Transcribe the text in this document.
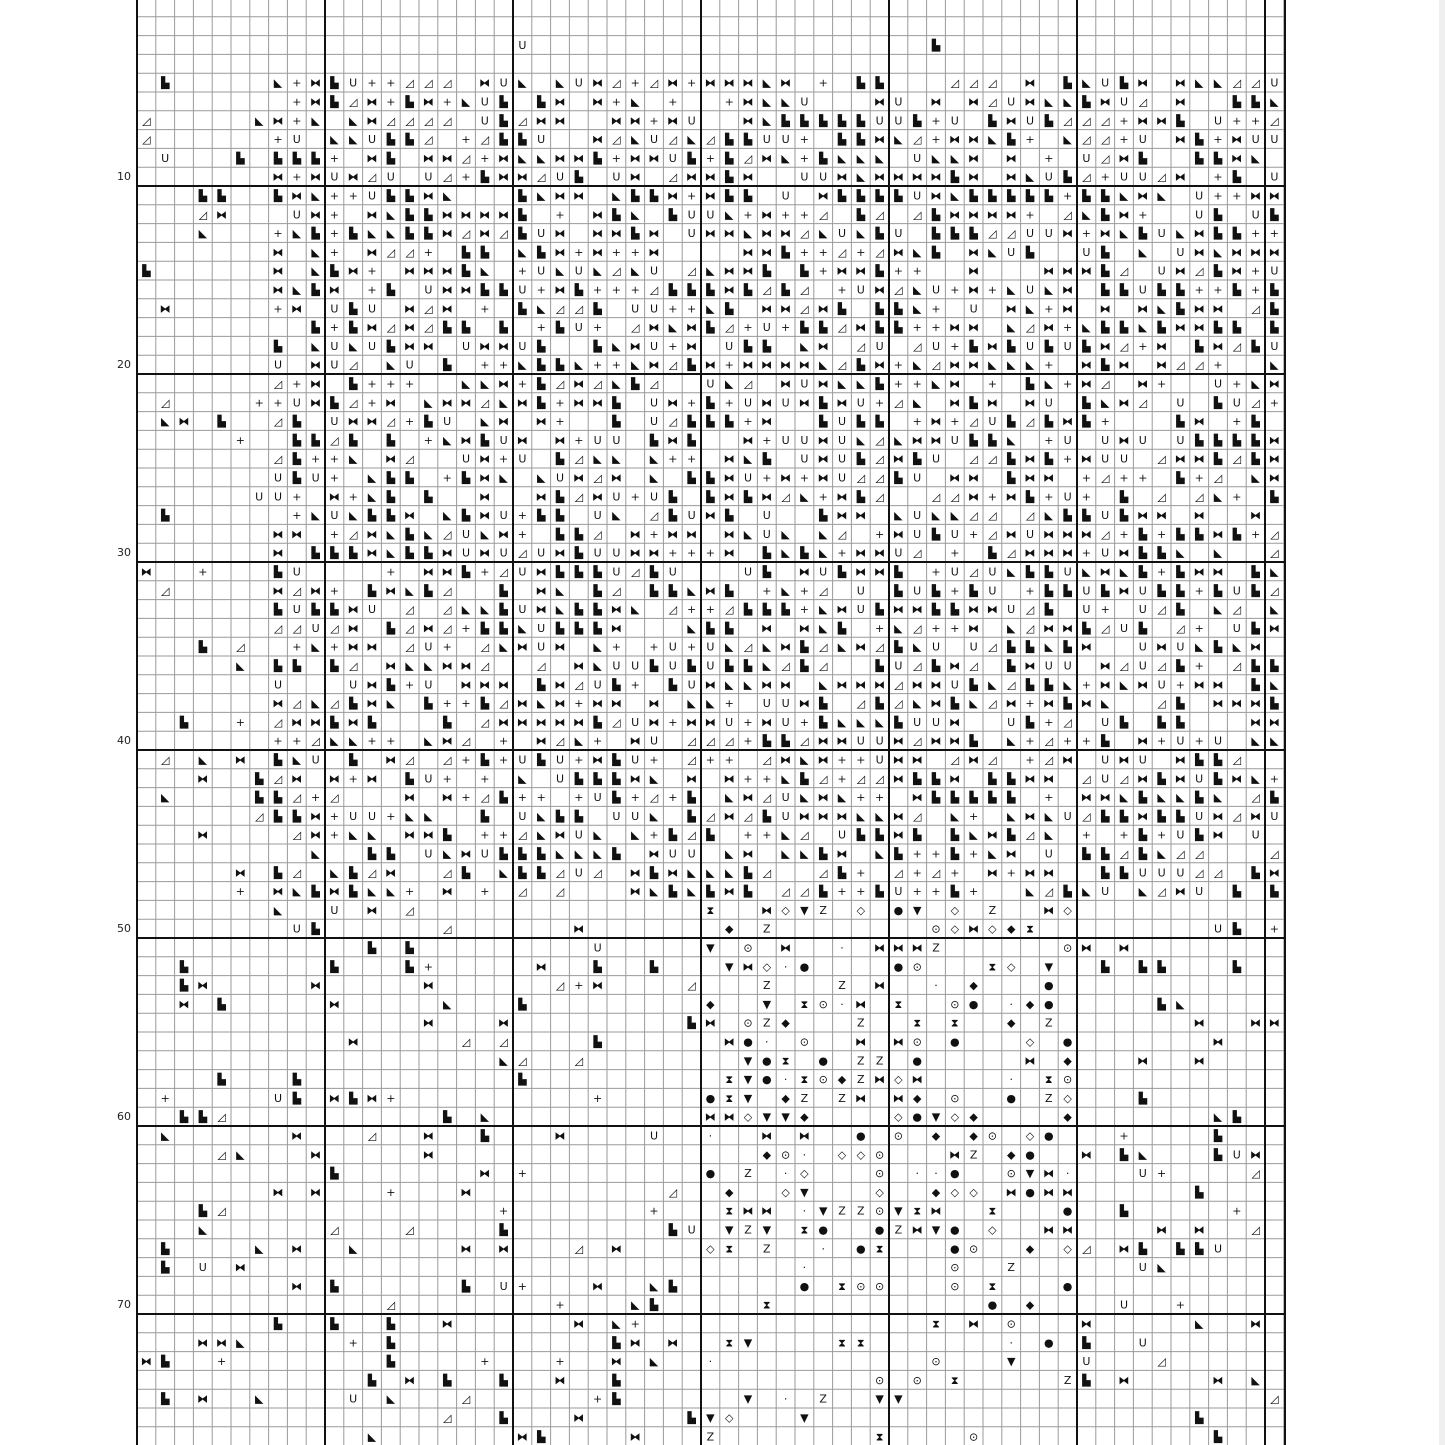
U	▙
▙	◣ + ⧓ ▙ U + + ◿ ◿ ◿	⧓ U ◣	◣ U ⧓ ◿ + ◿ ⧓ + ⧓ ⧓ ⧓ ◣ ⧓ +	▙ ▙	◿ ◿ ◿	⧓	▙ ◣ U ▙ ⧓ ⧓ ◣ ◣ ◿ ◿ U
+ ⧓ ▙ ◿ ⧓ + ▙ ⧓ + ◣ U ▙	▙ ⧓ ⧓ + ◣	+	+ ⧓ ◣ ◣ U	⧓ U	⧓ ⧓ ◿ U ⧓ ◣ ◣ ▙ ⧓ U ◿	⧓	▙ ▙ ◣
◿	◣ ⧓ + ◣	◣ ⧓ ◿ ◿ ◿ ◿	U ▙ ◿ ⧓ ⧓	⧓ ⧓ + ⧓ U	⧓ ◣ ▙ ▙ ▙ ▙ ▙ U U ▙ + U	▙ ⧓ U ▙ ◿ ◿ ◿ + ⧓ ⧓ ▙	U + + ◿
◿	+ U	◣ ◣ U ▙ ▙ ◿	+ ◿ ▙ ▙ U	⧓ ◿ ◣ U ◿ ◣ ◿ ▙ ▙ U U +	▙ ▙ ⧓ ◣ ◿ + ⧓ ⧓ ◣ ▙ +	◣ ◿ ◿ + U	⧓ ▙ + ⧓ U U
U	▙	▙ ▙ ▙ + ⧓ ▙	⧓ ⧓ ◿ + ⧓ ◣ ◣ ⧓ ⧓ ▙ + ⧓ ⧓ U ▙ + ▙ ◿ ⧓ ◣ + ▙ ◣ ◣ ◣	U ◣ ◣ ⧓ ⧓ +	U ◿ ⧓ ▙	▙ ▙ ⧓ ◣
⧓ + ⧓ U ⧓ ◿ U	U ◿ + ▙ ⧓ ⧓ ◿ U ▙	U ⧓	◿ ⧓ ⧓ ▙ ⧓	U U ⧓ ◣ ⧓ ⧓ ⧓ ⧓ ▙ ⧓ ⧓ ◣ U ▙ ◿ + U U ◿ ⧓ + ▙	U
▙ ▙	▙ ⧓ ◣ + + U ▙ ▙ ⧓ ◣	▙ ◣ ⧓ ⧓	◣ ▙ ▙ ⧓ + ⧓ ▙ ▙	U	⧓ ▙ ▙ ▙ ▙ U ⧓ ◣ ▙ ▙ ▙ ▙ ▙ + ▙ ▙ ◣ ⧓ ◣	U + + ⧓ ⧓
◿ ⧓	U ⧓ + ⧓ ◣ ▙ ▙ ⧓ ⧓ ⧓ ⧓ ▙	+ ⧓ ▙ ◣	▙ U U ◣ + ⧓ + + ◿	▙ ◿	◿ ▙ ⧓ ⧓ ⧓ ⧓ +	◿ ◣ ▙ ⧓ +	U ▙	U ▙
◣	+ ◣ ▙ + ▙ ◣ ◣ ▙ ▙ ⧓ ◿ ⧓ ◿ ▙ U ⧓ ⧓ ⧓ ▙ ⧓	U ⧓ ⧓ ◣ ⧓ ⧓ ◿ ◣ U ◣ ▙ U	▙ ▙ ▙ ◿ ◿ U U ⧓ + ⧓ ◣ ▙ U ◣ ⧓ ▙ ▙ + +
⧓	◣ + ⧓ ◿ ◿ +	▙ ▙	◣ ▙ ⧓ + ⧓ + + ⧓	⧓ ⧓ ▙ + + ◿ + ◿ ⧓ ◣ ▙	⧓ ◣ U ▙	U ▙	◣	U ⧓ ◣ ⧓ ⧓ ⧓
▙	⧓	◣ ▙ ⧓ + ⧓ ⧓ ⧓ ▙ ◣	+ U ◣ U ◣ ◿ ◣ U	◿ ◣ ⧓ ⧓ ▙	▙ + ⧓ ⧓ ▙ + +	⧓	⧓ ⧓ ⧓ ▙ ◿	U ⧓ ◿ ▙ ⧓ + U
⧓ ◣ ▙ ⧓ + ▙	U ⧓ ⧓ ▙ ▙ U + ⧓ ▙ + + + ◿ ▙ ▙ ▙ ⧓ ▙ ◿ ▙ ◿	+ U ⧓ ◿ ◣ U + ⧓ + ◣ U ◣ ⧓	▙ ▙ U ▙ ▙ + + ▙ + ▙
⧓	+ ⧓	U ▙ U	⧓ ◿ ⧓ +	▙ ◣ ◿ ◿ ▙	U U + + ◣ ▙	⧓ ⧓ ◿ ⧓ ▙	▙ ▙ ◣ +	U	⧓ ◣ + ⧓ ⧓ ⧓ ◣ ▙ ⧓ ⧓	◿ ▙
▙ + ▙ ⧓ ◿ ⧓ ◿ ▙ ▙	▙	+ ▙ U +	◿ ⧓ ◣ ⧓ ▙ ◿ + U + ▙ ▙ ◿ ⧓ ▙ ▙ + + ⧓ ⧓	◣ ◿ ⧓ + ◣ ▙ ▙ ◣ ▙ ⧓ ⧓ ▙ ▙	▙
▙	◣ U ◣ U ▙ ⧓ ⧓	U ⧓ ⧓ U ▙	▙ ◣ ⧓ U + ⧓	U ▙ ▙	◣ ⧓	◿ U	◿ U + ▙ ⧓ ▙ U ▙ U ▙ ⧓ ◿ + ⧓	▙ ⧓ ◿ ▙ U
U	⧓ U ◿	◣ U	▙	+ + ◣ ▙ ▙ ◣ + + ◣ ⧓ ◿ ▙ ⧓ + ⧓ ⧓ ⧓ ⧓ ◣ ◿ ▙ ⧓ + ◣ ◿ ⧓ ⧓ ◣ ◣ ◣ + ⧓ ▙ ⧓ ⧓ ◿ ◿ +	◣
◿ + ⧓	▙ + + +	◣ ◣ ⧓ + ▙ ◿ ⧓ ◿ ◣ ▙ ◿	U ◣ ◿	⧓ U ⧓ ◣ ◣ ▙ + + ◣ ⧓ +	▙ ◣ + ⧓ ◿	⧓ +	U + ◣ ⧓
◿	+ + U ⧓ ▙ ◿ + ⧓	◣ ⧓ ⧓ ◿ ◣ ⧓ ▙ + ⧓ ⧓ ▙	U ⧓ + ▙ + U ⧓ U ⧓ ▙ ⧓ U + ◿ ◣	⧓ ▙ ⧓ ⧓ U	▙ ◣ ⧓ ◿	U	▙ U ◿ +
◣ ⧓	▙	◿ ▙	U ⧓ ⧓ ◿ + ▙ U	◣ ⧓ ⧓ +	▙	U ◿ ▙ ▙ ▙ + ⧓	▙ U ▙ ▙	+ ⧓ + ◿ U ▙ ◿ ▙ ⧓ ▙ +	▙ ⧓ + ▙
+	▙ ▙ ◿ ▙	▙	+ ◣ ⧓ ▙ U ⧓ ⧓ + U U	▙ ⧓ ▙	⧓ + U U ⧓ U ◣ ◿ ◣ ⧓ ⧓ U ▙ ▙ ◣	+ U	U ⧓ U	U ▙ ▙ ▙ ▙ ⧓
◿ ▙ + + ◣	⧓ ◿	U ⧓ + U	▙ ◿ ◣ ◣	◣ + + ⧓ ◣ ▙	U ⧓ U ▙ ◿ ⧓ ▙ U	◿ ◿ ▙ ⧓ ▙ + ⧓ U U	◿ ⧓ ⧓ ▙ ◿ ▙ ⧓
U ▙ U +	◣ ▙ ▙	+ ▙ ⧓ ◣	◣ U ⧓ ◿ ⧓	◣	▙ ▙ ⧓ U + ⧓ + ⧓ U ◿ ◿ ▙ U	⧓ ⧓	▙ ⧓ ⧓ + ◿ + +	▙ + ◿	◣ ⧓
U U + ⧓ + ◣ ▙	▙	⧓	⧓ ▙ ◿ ⧓ U + U ▙	▙ ⧓ ▙ ⧓ ◿ ◣ + ⧓ ▙ ◿	◿ ◿ ⧓ + ⧓ ▙ + U +	▙	◿	◿ ◣ +	▙
▙	+ ◣ U ◣ ▙ ▙ ⧓	◣ ▙ ⧓ U + ▙ ▙	U ◣	◿ ▙ U ⧓ ▙	U	▙ ⧓ ⧓	◣ U ◣ ◣ ◿ ◿	◿ ◣ ▙ ▙ U ▙ ⧓ ⧓ ⧓	⧓
⧓ ⧓ + ◿ ⧓ ◣ ▙ ◣ ◿ U ◣ ⧓ +	▙ ▙ ◿	⧓ + ⧓ ⧓ ⧓ ◣ U ◣	◣ ◿	+ ⧓ U ▙ U + ◿ ⧓ U ⧓ ⧓ ⧓ ◿ + ▙ + ▙ ▙ ⧓ ▙ + ◿
⧓	▙ ▙ ▙ ⧓ ◣ ▙ ▙ ⧓ U ⧓ U ◿ U ⧓ ▙ U U ⧓ ⧓ + + + ⧓	▙ ◣ ▙ ◣ + ⧓ ⧓ U ◿	+	▙ ◿ ⧓ ⧓ ⧓ + U ⧓ ▙ ▙ ◣	◣	◿
⧓	+	▙ U	+ ⧓ ⧓ ▙ + ◿ U ⧓ ▙ ▙ ▙ U ◿ ▙ U	U ▙	⧓ U ▙ ⧓ ⧓ ▙	+ U ◿ U ◣ ▙ ▙ U ◣ ⧓ ◣ ▙ + ▙ ⧓ ⧓	▙ ◣
◿	⧓ ◿ ⧓ +	▙ ⧓ ◣ ▙ ◿	▙	⧓ ◣	▙ ◿	▙ ▙ ◣ ⧓ ▙	+ ◣ + ◿	U	▙ U ▙ + ▙ U	+ ▙ ▙ U ▙ ⧓ U ▙ ▙ + ▙ U ▙ ◿
▙ U ▙ ▙ ⧓ U	◿	◿ ◣ ◣ ▙ U ⧓ ◣ ▙ ▙ ⧓ ◣	◿ + + ◿ ▙ ▙ ▙ + ◣ ⧓ U ▙ ⧓ ⧓ ▙ ▙ ⧓ ⧓ U ◿ ▙	U +	U ◿ ▙	◣ ◿	◣
◿ ◿ U ◿ ⧓	▙ ◿ ⧓ ◿ + ▙ ▙ ◣ U ▙ ▙ ▙ ⧓	◣ ▙ ▙	⧓ ⧓ ◣ ▙	+ ◣ ◿ + + ⧓	◣ ◿ ⧓ ⧓ ▙ ◿ U ▙	◿ +	U ▙ ⧓
▙	◿	+ ◣ + ⧓ ⧓	◿ U +	◿ ◣ ⧓ U ⧓	◣ +	+ U + U ◣ ◿ ◣ ⧓ ▙ ◿ ◣ ⧓ ◿ ▙ ◣ U	U ◿ ▙ ▙ ◣ ▙ ⧓	U ⧓ U ◣ ▙ ◣ ⧓
◣	▙ ▙	▙ ◿	⧓ ◣ ◣ ⧓ ⧓ ◿	◿	⧓ ◣ U U ▙ U ▙ U ▙ ▙ ◣ ◿ ▙ ◿	▙ U ◿ ▙ ⧓ ◿	▙ ⧓ U U	⧓ ◿ U ◿ ▙ +	◿ ▙ ▙
U	U ⧓ ▙ + U	⧓ ⧓ ⧓	▙ ⧓ ◿ U ▙ +	▙ U ⧓ ◣ ◣ ⧓ ⧓	◣ ⧓ ⧓ ⧓ ◿ ⧓ ⧓ U ▙ ◣ ◿ ▙ ▙ ◣ + ⧓ ◣ ⧓ U + ⧓ ⧓	▙ ◣
⧓ ◿ ◣ ◿ ▙ ⧓ ◣	▙ + + ▙ ◿ ⧓ ◣ ⧓ + ⧓ ⧓ ⧓	◣ ◣ +	U U ⧓ ▙	◿ ▙ ◿ ◣ ⧓ ▙ ◣ ◿ ⧓ + ⧓ ▙ ⧓ ◣	◿ ▙	⧓ ⧓ ⧓ ▙
▙	+	◿ ⧓ ⧓ ▙ ⧓ ▙	▙	◿ ⧓ ⧓ ⧓ ⧓ ⧓ ▙ ◿ U ⧓ + ⧓ ⧓ U + ⧓ U + ▙ ◣ ◣ ◣ ▙ U U ⧓	U ▙ + ◿	U ▙	▙ ▙	⧓ ⧓
+ + ◿ ◣ ◣ + +	◣ ⧓ ◿	+ ⧓ ◿ ◣ + ⧓ U	◿ ◿ ◿ + ▙ ▙ ◿ ⧓ ⧓ U U ⧓ ◿ ⧓ ⧓ ▙	◣ + ◿ + + ▙	⧓ + U + U	◣ ◣
◿	◣	⧓	▙ ◣ U	▙	⧓ ◿	◿ + ▙ + U ▙ U + ⧓ ▙ U +	◿ + +	◿ ⧓ ◣ ⧓ + + U ⧓ ⧓	◿ ⧓ ◿	+ ◿ ⧓	U ⧓ U	⧓ ▙ ▙ ◿
⧓	▙ ◿ ⧓ ⧓ + ⧓	▙ U +	+	◣	U ▙ ▙ ▙ ⧓ ◣	⧓ ⧓ + + ◣ ▙ ◿ + ◿ ◿ ⧓ ▙ ▙ ⧓	▙ ▙ ⧓ ⧓	◿ U ◿ ⧓ ▙ ⧓ U ▙ ⧓ ◣ +
◣	▙ ▙ ◿ + ◿	⧓ ⧓ + ◿ ▙ + +	+ U ▙ + ◿ + ▙	◣ ⧓ ◿ U ◣ ⧓ ◣ + + ⧓ ▙ ▙ ▙ ▙ ▙	+ ⧓ ⧓ ◣ ▙ ◣ ◣ ▙ ◣	◿ ▙
◿ ▙ ▙ ⧓ + U U + ◣ ◣	▙	U ◣ ▙ ▙	U U ◣	▙ ◿ ⧓ ◿ ▙ U ⧓ ⧓ ⧓ ◣ ◣ ⧓ ◿	◣ +	◣ ⧓ ◣ U ◿ ▙ ▙ ⧓ ▙ ▙ U ⧓ ◿ ⧓ U
⧓	◿ ⧓ + ◣ ◣	⧓ ⧓ ▙	+ + ◿ ◣ ⧓ U ◣	◣ + ▙ ◿ ▙	+ + ◣ ◿	U ▙ ▙ ⧓ ▙	▙ ◣ ⧓ ▙ ◿ ◣	+	+ ▙ + U ▙ ⧓	U
◣	▙ ▙	U ◣ ⧓ U ▙ ▙ ▙ ◣ ◣ ◣ ▙	⧓ U U	◣ ⧓	◣ ◣ ▙ ⧓	◣ ▙ + + ▙ + ◣ ⧓	U	▙ ▙ ◿ ▙ ◣ ◿ ◿	◿
⧓	▙ ◿	◣ ▙ ◿ ⧓	◿ ▙	◣ ▙ ▙ ◿ U ◿	⧓ ▙ ⧓ ◣ ◣ ◣ ▙ ◿	◿ ▙ +	◿ + ◿ + ⧓ + ⧓ ⧓	▙ ▙ U U U ◿ ◿	▙ ⧓
+ ⧓ ◣ ▙ ⧓ ▙ ◣ ◣ + ⧓ +	◿	◿	⧓ ◣ ▙ ◣ ▙ ⧓ ▙	◿ ◿ ▙ + + ▙ U + + ▙ +	◣ ◿ ▙ ◣ U	◣ ◿ ⧓ U	▙	▙
◣	U	⧓	◿	⧗	⧓ ◇ ▼ Z	◇	● ▼	◇	Z	⧓ ◇
U ▙	◿	⧓	◆	Z	⊙ ◇ ⧓ ◇ ◆ ⧗	U ▙	+
▙	▙	U	▼	⊙ ⧓	·	⧓ ⧓ ⧓ Z	⊙ ⧓ ⧓
▙	▙	▙ +	⧓	▙	▙	▼ ⧓ ◇ · ●	● ⊙	⧗ ◇	▼	▙	▙ ▙	▙
▙ ⧓	⧓	⧓	◿ + ⧓	◿	Z	Z	⧓	·	◆	●
⧓	▙	⧓	◣	▙	◆	▼	⧗ ⊙ · ⧓	⧗	⊙ ●	· ◆ ●	▙ ◣
⧓	⧓	▙ ⧓ ⊙ Z ◆	Z	⧗	⧗	◆	Z	⧓	⧓ ⧓
⧓	◿	◿	▙	⧓ ● ·	⊙	⧓ ⧓ ⊙	●	◇	●	⧓
◣ ◿	◿	▼ ● ⧗	●	Z Z	●	⧓	◆	⧓	⧓
▙	▙	▙	⧗ ▼ ● · ⧗ ⊙ ◆ Z ⧓ ◇ ⧓	·	⧗ ⊙
+	U ▙	⧓ ▙ ⧓ +	+	● ⧗ ▼	◆ Z	Z ⧓ ⧓ ◆	⊙	●	Z ◇	▙
▙ ▙ ◿	▙	◣	⧓ ⧓ ◇ ▼ ▼ ◆	◇ ● ▼ ◇ ◆	◆	◣ ▙
◣	⧓	◿	⧓	▙	⧓	U	·	⧓ ⧓	●	⊙	◆	◆ ⊙	◇ ●	+	▙
◿ ◣	⧓	⧓	◆ ⊙ ·	◇ ◇ ⊙	⧓ Z	◆ ●	⧓	▙ ◣	▙ U ⧓
▙	⧓ +	●	Z	· ◇	⊙	· · ●	⊙ ▼ ⧓ ·	U +	◿
⧓ ⧓	+	⧓	◿	◆	◇ ▼	◇	◆ ◇ ◇	⧓ ● ⧓ ⧓	▙
▙ ◿	+	+	⧗ ⧓ ⧓	· ▼ Z Z ⊙ ▼ ⧗ ⧓	⧗	●	▙	+
◣	◿	◿	▙	▙ U	▼ Z ▼	⧗ ●	● Z ⧓ ▼ ●	◇	⧓ ⧓	⧓ ⧓	◿
▙	◣	⧓	◣	⧓ ⧓	◿	⧓	◇ ⧗	Z	·	● ⧗	● ⊙	◆	◇ ◿	⧓ ▙	▙ ▙ U
▙	U	⧓	·	⊙	Z	U ◣
⧓	▙	▙	U +	⧓	◣ ▙	●	⧗ ⊙ ⊙	⊙	⧗	●
◿	+	◣ ▙	⧗	●	◆	U	+
▙	▙	▙	⧓	⧓	◣ +	⧗	⧓ ⊙	⧓	◣	⧓
⧓ ⧓ ◣	+	▙	▙ ⧓ ⧓	⧗ ▼	⧗ ⧗	·	●	▙	U
⧓ ▙	+	▙	+	+	⧓	◣	·	⊙	▼	U	◿
▙	⧓	▙	▙	⧓	▙	⊙	⊙	⧗	Z ▙	⧓	⧓	◣
▙	⧓	◣	U	◣	◿	+ ▙	▼	·	Z	▼ ▼	◿
◿	▙	⧓	▙ ▼ ◇	▼	▙
◣	⧓ ▙	⧓	Z	⧗	⊙	▙
10
20
30
40
50
60
70
